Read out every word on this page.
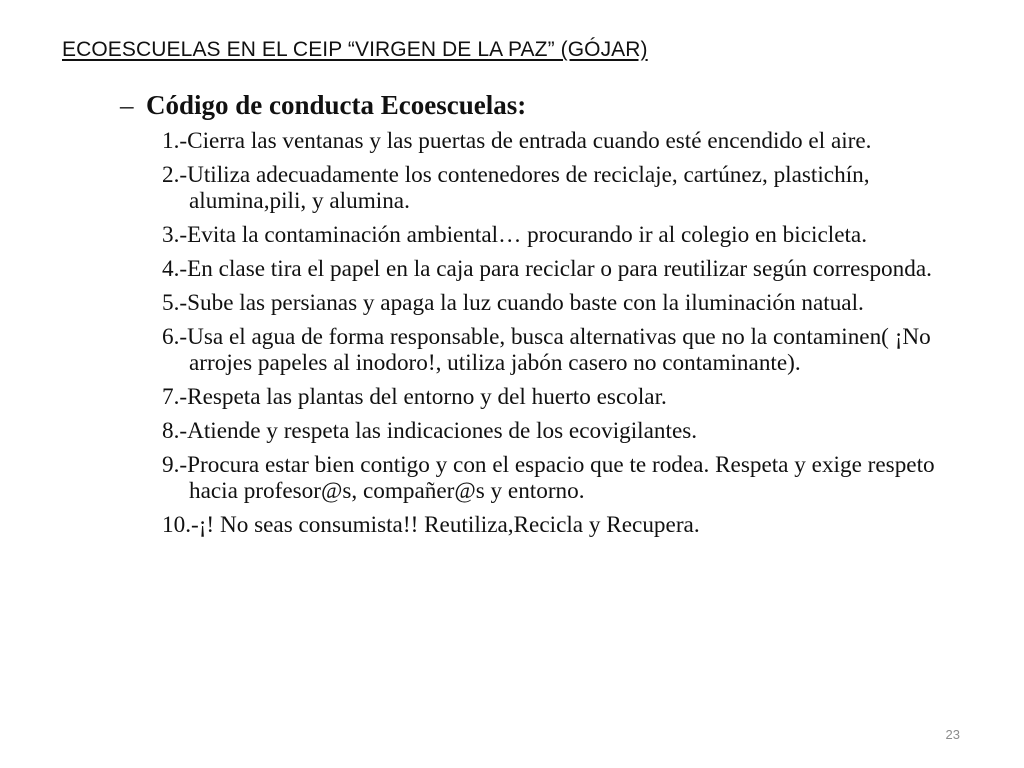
ECOESCUELAS EN EL CEIP “VIRGEN DE LA PAZ” (GÓJAR)
– Código de conducta Ecoescuelas:
1.-Cierra las ventanas y las puertas de entrada cuando esté encendido el aire.
2.-Utiliza adecuadamente los contenedores de reciclaje, cartúnez, plastichín, alumina,pili, y alumina.
3.-Evita la contaminación ambiental… procurando ir al colegio en bicicleta.
4.-En clase tira el papel en la caja para reciclar o para reutilizar según corresponda.
5.-Sube las persianas y apaga la luz cuando baste con la iluminación natual.
6.-Usa el agua de forma responsable, busca alternativas que no la contaminen( ¡No arrojes papeles al inodoro!, utiliza jabón casero no contaminante).
7.-Respeta las plantas del entorno y del huerto escolar.
8.-Atiende y respeta las indicaciones de los ecovigilantes.
9.-Procura estar bien contigo y con el espacio que te rodea. Respeta y exige respeto hacia profesor@s, compañer@s y entorno.
10.-¡! No seas consumista!! Reutiliza,Recicla y Recupera.
23
